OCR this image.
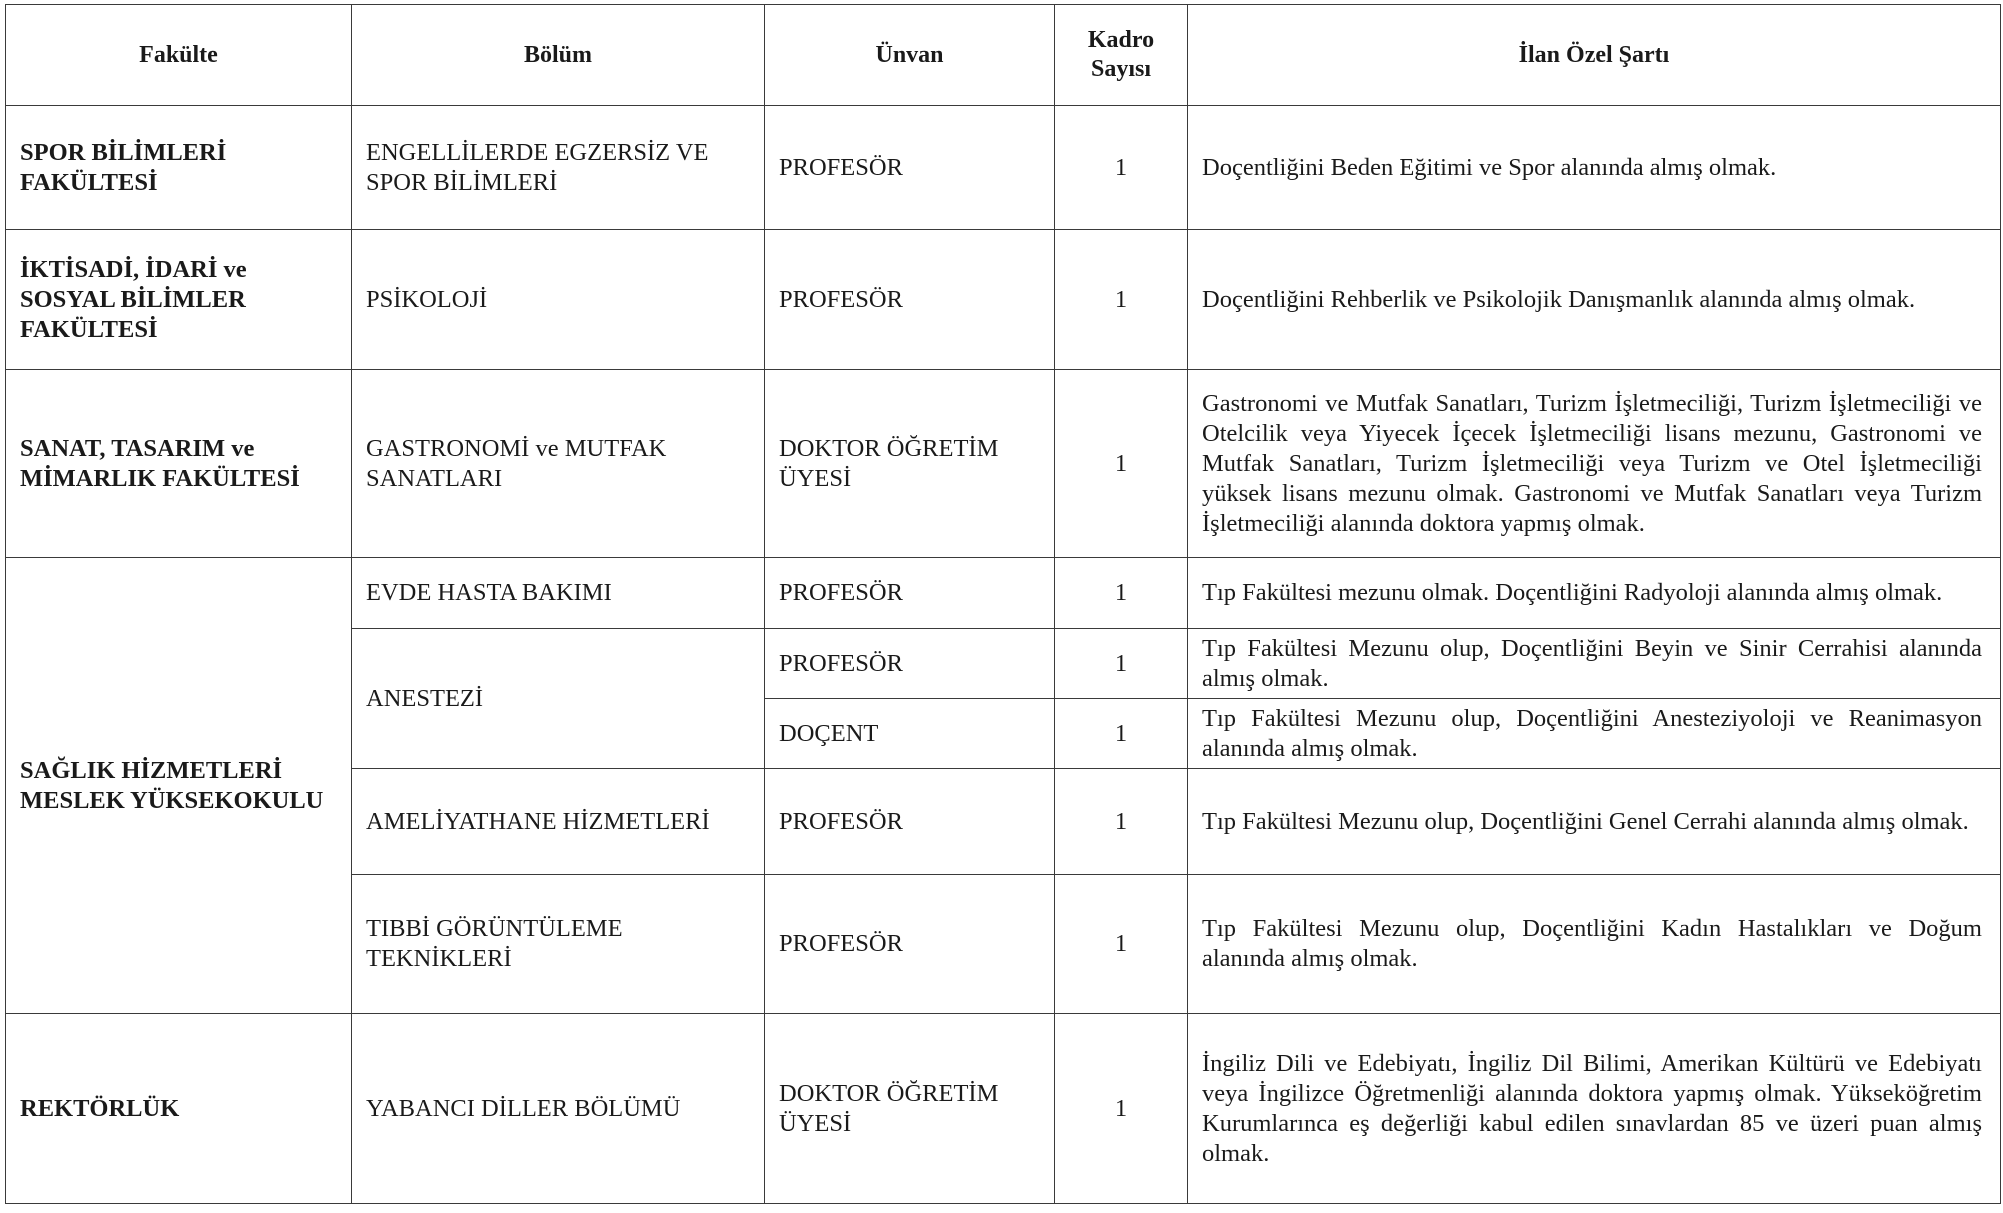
Fakülte	Bölüm	Ünvan	Kadro Sayısı	İlan Özel Şartı
SPOR BİLİMLERİ FAKÜLTESİ	ENGELLİLERDE EGZERSİZ VE SPOR BİLİMLERİ	PROFESÖR	1	Doçentliğini Beden Eğitimi ve Spor alanında almış olmak.
İKTİSADİ, İDARİ ve SOSYAL BİLİMLER FAKÜLTESİ	PSİKOLOJİ	PROFESÖR	1	Doçentliğini Rehberlik ve Psikolojik Danışmanlık alanında almış olmak.
SANAT, TASARIM ve MİMARLIK FAKÜLTESİ	GASTRONOMİ ve MUTFAK SANATLARI	DOKTOR ÖĞRETİM ÜYESİ	1	Gastronomi ve Mutfak Sanatları, Turizm İşletmeciliği, Turizm İşletmeciliği ve Otelcilik veya Yiyecek İçecek İşletmeciliği lisans mezunu, Gastronomi ve Mutfak Sanatları, Turizm İşletmeciliği veya Turizm ve Otel İşletmeciliği yüksek lisans mezunu olmak. Gastronomi ve Mutfak Sanatları veya Turizm İşletmeciliği alanında doktora yapmış olmak.
SAĞLIK HİZMETLERİ MESLEK YÜKSEKOKULU	EVDE HASTA BAKIMI	PROFESÖR	1	Tıp Fakültesi mezunu olmak. Doçentliğini Radyoloji alanında almış olmak.
	ANESTEZİ	PROFESÖR	1	Tıp Fakültesi Mezunu olup, Doçentliğini Beyin ve Sinir Cerrahisi alanında almış olmak.
		DOÇENT	1	Tıp Fakültesi Mezunu olup, Doçentliğini Anesteziyoloji ve Reanimasyon alanında almış olmak.
	AMELİYATHANE HİZMETLERİ	PROFESÖR	1	Tıp Fakültesi Mezunu olup, Doçentliğini Genel Cerrahi alanında almış olmak.
	TIBBİ GÖRÜNTÜLEME TEKNİKLERİ	PROFESÖR	1	Tıp Fakültesi Mezunu olup, Doçentliğini Kadın Hastalıkları ve Doğum alanında almış olmak.
REKTÖRLÜK	YABANCI DİLLER BÖLÜMÜ	DOKTOR ÖĞRETİM ÜYESİ	1	İngiliz Dili ve Edebiyatı, İngiliz Dil Bilimi, Amerikan Kültürü ve Edebiyatı veya İngilizce Öğretmenliği alanında doktora yapmış olmak. Yükseköğretim Kurumlarınca eş değerliği kabul edilen sınavlardan 85 ve üzeri puan almış olmak.
